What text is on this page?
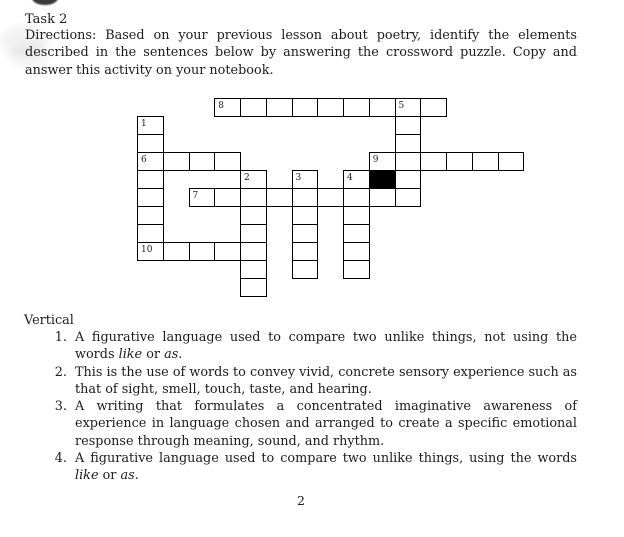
Task 2

Directions: Based on your previous lesson about poetry, identify the elements described in the sentences below by answering the crossword puzzle. Copy and answer this activity on your notebook.

8	5
1
6	9
2	3	4
7
10
Vertical
1. A figurative language used to compare two unlike things, not using the words like or as.
2. This is the use of words to convey vivid, concrete sensory experience such as that of sight, smell, touch, taste, and hearing.
3. A writing that formulates a concentrated imaginative awareness of experience in language chosen and arranged to create a specific emotional response through meaning, sound, and rhythm.
4. A figurative language used to compare two unlike things, using the words like or as.
2
